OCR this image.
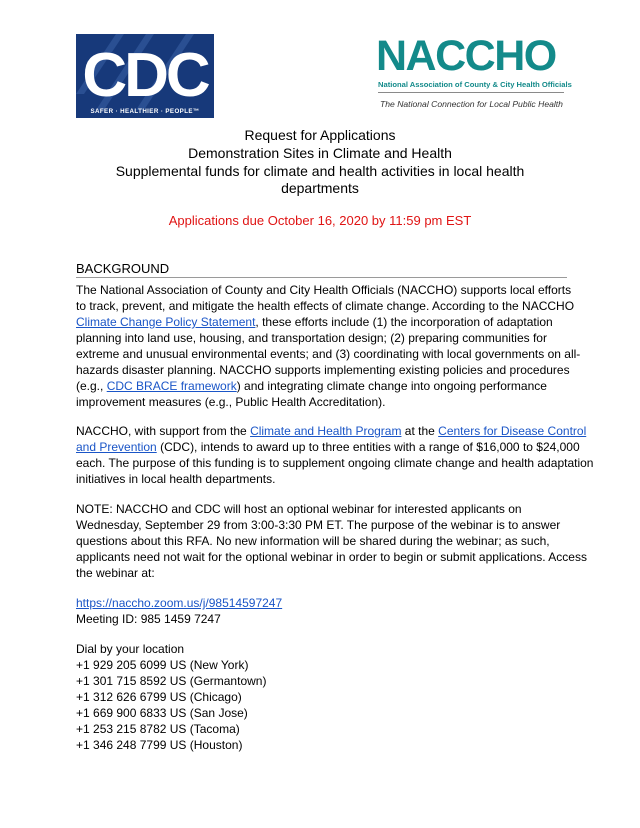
CDC
SAFER · HEALTHIER · PEOPLE™
NACCHO
National Association of County & City Health Officials
The National Connection for Local Public Health
Request for Applications
Demonstration Sites in Climate and Health
Supplemental funds for climate and health activities in local health
departments
Applications due October 16, 2020 by 11:59 pm EST
BACKGROUND
The National Association of County and City Health Officials (NACCHO) supports local efforts
to track, prevent, and mitigate the health effects of climate change. According to the NACCHO
Climate Change Policy Statement, these efforts include (1) the incorporation of adaptation
planning into land use, housing, and transportation design; (2) preparing communities for
extreme and unusual environmental events; and (3) coordinating with local governments on all-
hazards disaster planning. NACCHO supports implementing existing policies and procedures
(e.g., CDC BRACE framework) and integrating climate change into ongoing performance
improvement measures (e.g., Public Health Accreditation).
NACCHO, with support from the Climate and Health Program at the Centers for Disease Control
and Prevention (CDC), intends to award up to three entities with a range of $16,000 to $24,000
each. The purpose of this funding is to supplement ongoing climate change and health adaptation
initiatives in local health departments.
NOTE: NACCHO and CDC will host an optional webinar for interested applicants on
Wednesday, September 29 from 3:00-3:30 PM ET. The purpose of the webinar is to answer
questions about this RFA. No new information will be shared during the webinar; as such,
applicants need not wait for the optional webinar in order to begin or submit applications. Access
the webinar at:
https://naccho.zoom.us/j/98514597247
Meeting ID: 985 1459 7247
Dial by your location
+1 929 205 6099 US (New York)
+1 301 715 8592 US (Germantown)
+1 312 626 6799 US (Chicago)
+1 669 900 6833 US (San Jose)
+1 253 215 8782 US (Tacoma)
+1 346 248 7799 US (Houston)
